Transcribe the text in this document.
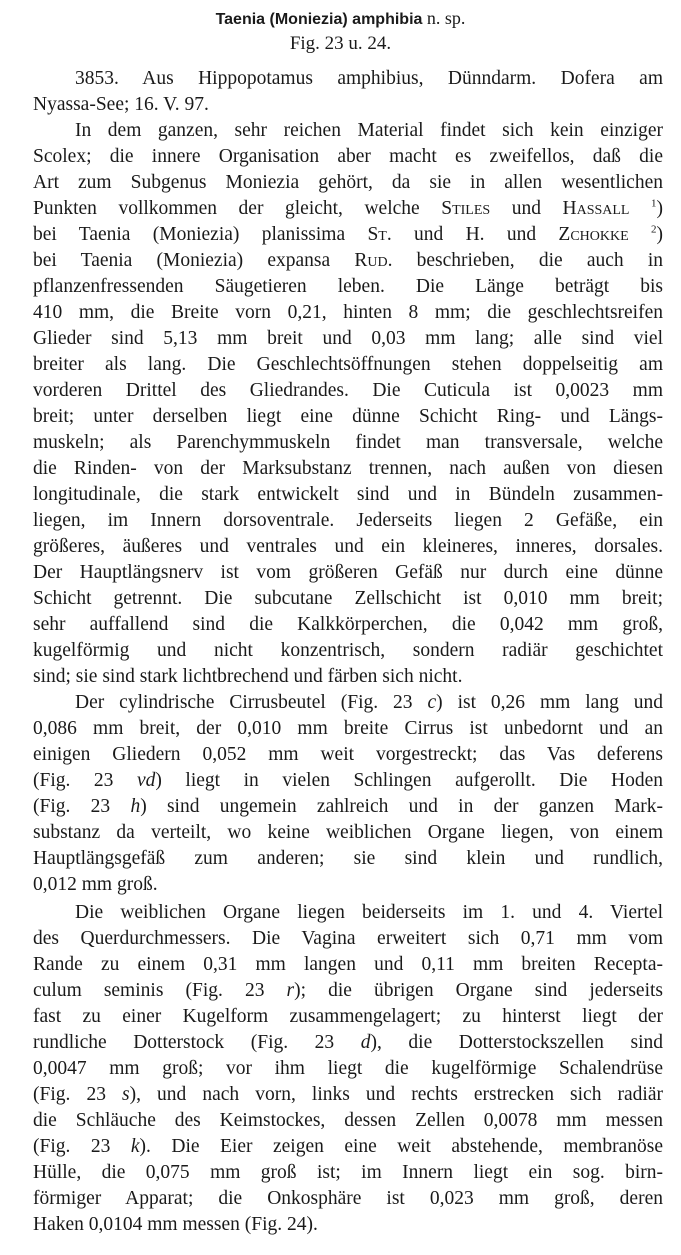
Taenia (Moniezia) amphibia n. sp.
Fig. 23 u. 24.
3853. Aus Hippopotamus amphibius, Dünndarm. Dofera am
Nyassa-See; 16. V. 97.
In dem ganzen, sehr reichen Material findet sich kein einziger
Scolex; die innere Organisation aber macht es zweifellos, daß die
Art zum Subgenus Moniezia gehört, da sie in allen wesentlichen
Punkten vollkommen der gleicht, welche Stiles und Hassall $^1$)
bei Taenia (Moniezia) planissima St. und H. und Zchokke $^2$)
bei Taenia (Moniezia) expansa Rud. beschrieben, die auch in
pflanzenfressenden Säugetieren leben. Die Länge beträgt bis
410 mm, die Breite vorn 0,21, hinten 8 mm; die geschlechtsreifen
Glieder sind 5,13 mm breit und 0,03 mm lang; alle sind viel
breiter als lang. Die Geschlechtsöffnungen stehen doppelseitig am
vorderen Drittel des Gliedrandes. Die Cuticula ist 0,0023 mm
breit; unter derselben liegt eine dünne Schicht Ring- und Längs-
muskeln; als Parenchymmuskeln findet man transversale, welche
die Rinden- von der Marksubstanz trennen, nach außen von diesen
longitudinale, die stark entwickelt sind und in Bündeln zusammen-
liegen, im Innern dorsoventrale. Jederseits liegen 2 Gefäße, ein
größeres, äußeres und ventrales und ein kleineres, inneres, dorsales.
Der Hauptlängsnerv ist vom größeren Gefäß nur durch eine dünne
Schicht getrennt. Die subcutane Zellschicht ist 0,010 mm breit;
sehr auffallend sind die Kalkkörperchen, die 0,042 mm groß,
kugelförmig und nicht konzentrisch, sondern radiär geschichtet
sind; sie sind stark lichtbrechend und färben sich nicht.
Der cylindrische Cirrusbeutel (Fig. 23 c) ist 0,26 mm lang und
0,086 mm breit, der 0,010 mm breite Cirrus ist unbedornt und an
einigen Gliedern 0,052 mm weit vorgestreckt; das Vas deferens
(Fig. 23 vd) liegt in vielen Schlingen aufgerollt. Die Hoden
(Fig. 23 h) sind ungemein zahlreich und in der ganzen Mark-
substanz da verteilt, wo keine weiblichen Organe liegen, von einem
Hauptlängsgefäß zum anderen; sie sind klein und rundlich,
0,012 mm groß.
Die weiblichen Organe liegen beiderseits im 1. und 4. Viertel
des Querdurchmessers. Die Vagina erweitert sich 0,71 mm vom
Rande zu einem 0,31 mm langen und 0,11 mm breiten Recepta-
culum seminis (Fig. 23 r); die übrigen Organe sind jederseits
fast zu einer Kugelform zusammengelagert; zu hinterst liegt der
rundliche Dotterstock (Fig. 23 d), die Dotterstockszellen sind
0,0047 mm groß; vor ihm liegt die kugelförmige Schalendrüse
(Fig. 23 s), und nach vorn, links und rechts erstrecken sich radiär
die Schläuche des Keimstockes, dessen Zellen 0,0078 mm messen
(Fig. 23 k). Die Eier zeigen eine weit abstehende, membranöse
Hülle, die 0,075 mm groß ist; im Innern liegt ein sog. birn-
förmiger Apparat; die Onkosphäre ist 0,023 mm groß, deren
Haken 0,0104 mm messen (Fig. 24).
